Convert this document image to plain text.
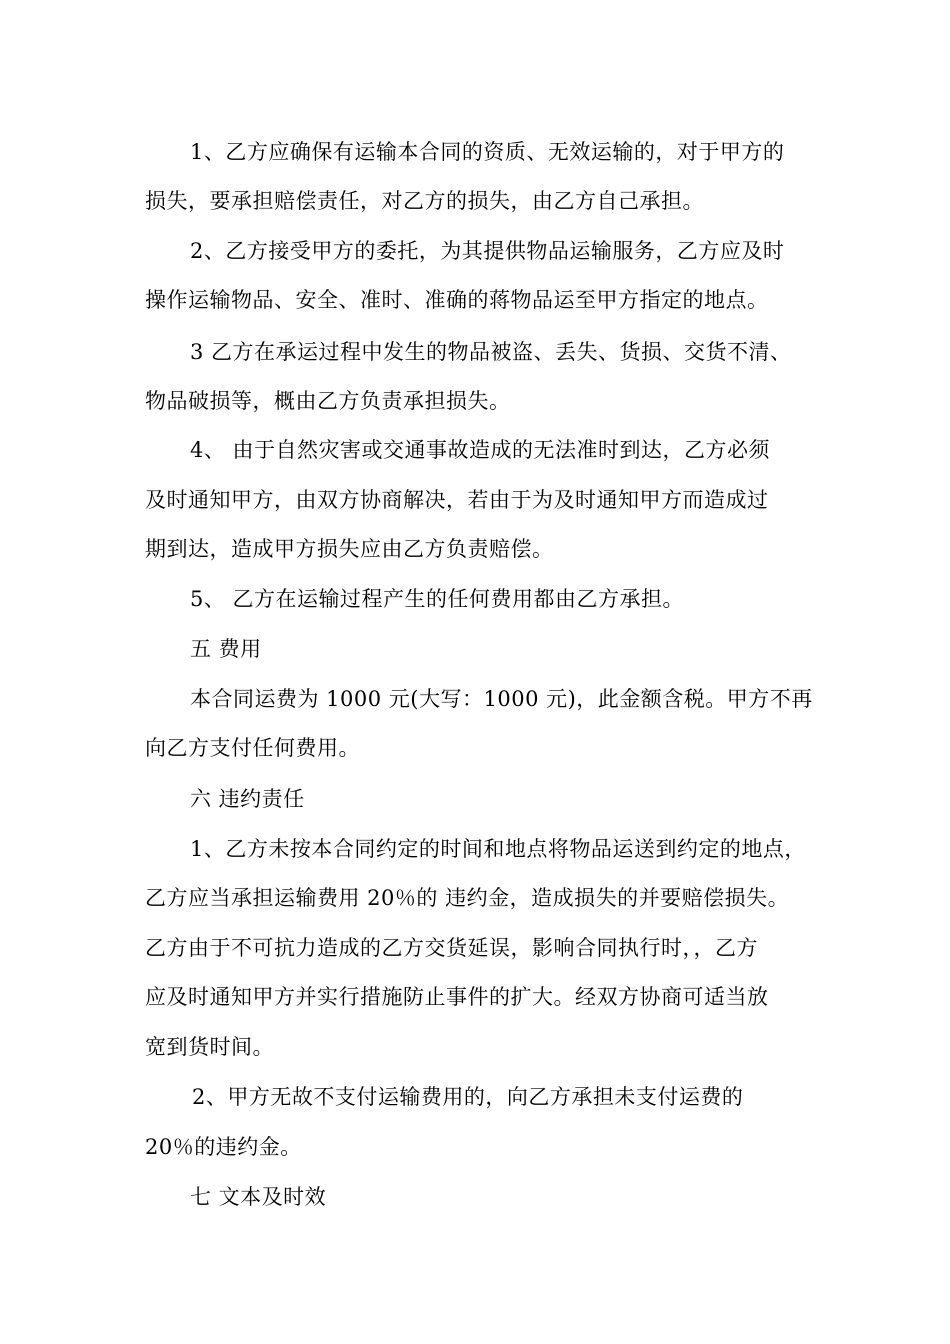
1、乙方应确保有运输本合同的资质、无效运输的，对于甲方的
损失，要承担赔偿责任，对乙方的损失，由乙方自己承担。
2、乙方接受甲方的委托，为其提供物品运输服务，乙方应及时
操作运输物品、安全、准时、准确的蒋物品运至甲方指定的地点。
3 乙方在承运过程中发生的物品被盗、丢失、货损、交货不清、
物品破损等，概由乙方负责承担损失。
4、 由于自然灾害或交通事故造成的无法准时到达，乙方必须
及时通知甲方，由双方协商解决，若由于为及时通知甲方而造成过
期到达，造成甲方损失应由乙方负责赔偿。
5、 乙方在运输过程产生的任何费用都由乙方承担。
五 费用
本合同运费为 1000 元(大写：1000 元)，此金额含税。甲方不再
向乙方支付任何费用。
六 违约责任
1、乙方未按本合同约定的时间和地点将物品运送到约定的地点，
乙方应当承担运输费用 20％的 违约金，造成损失的并要赔偿损失。
乙方由于不可抗力造成的乙方交货延误，影响合同执行时，，乙方
应及时通知甲方并实行措施防止事件的扩大。经双方协商可适当放
宽到货时间。
2、甲方无故不支付运输费用的，向乙方承担未支付运费的
20％的违约金。
七 文本及时效
